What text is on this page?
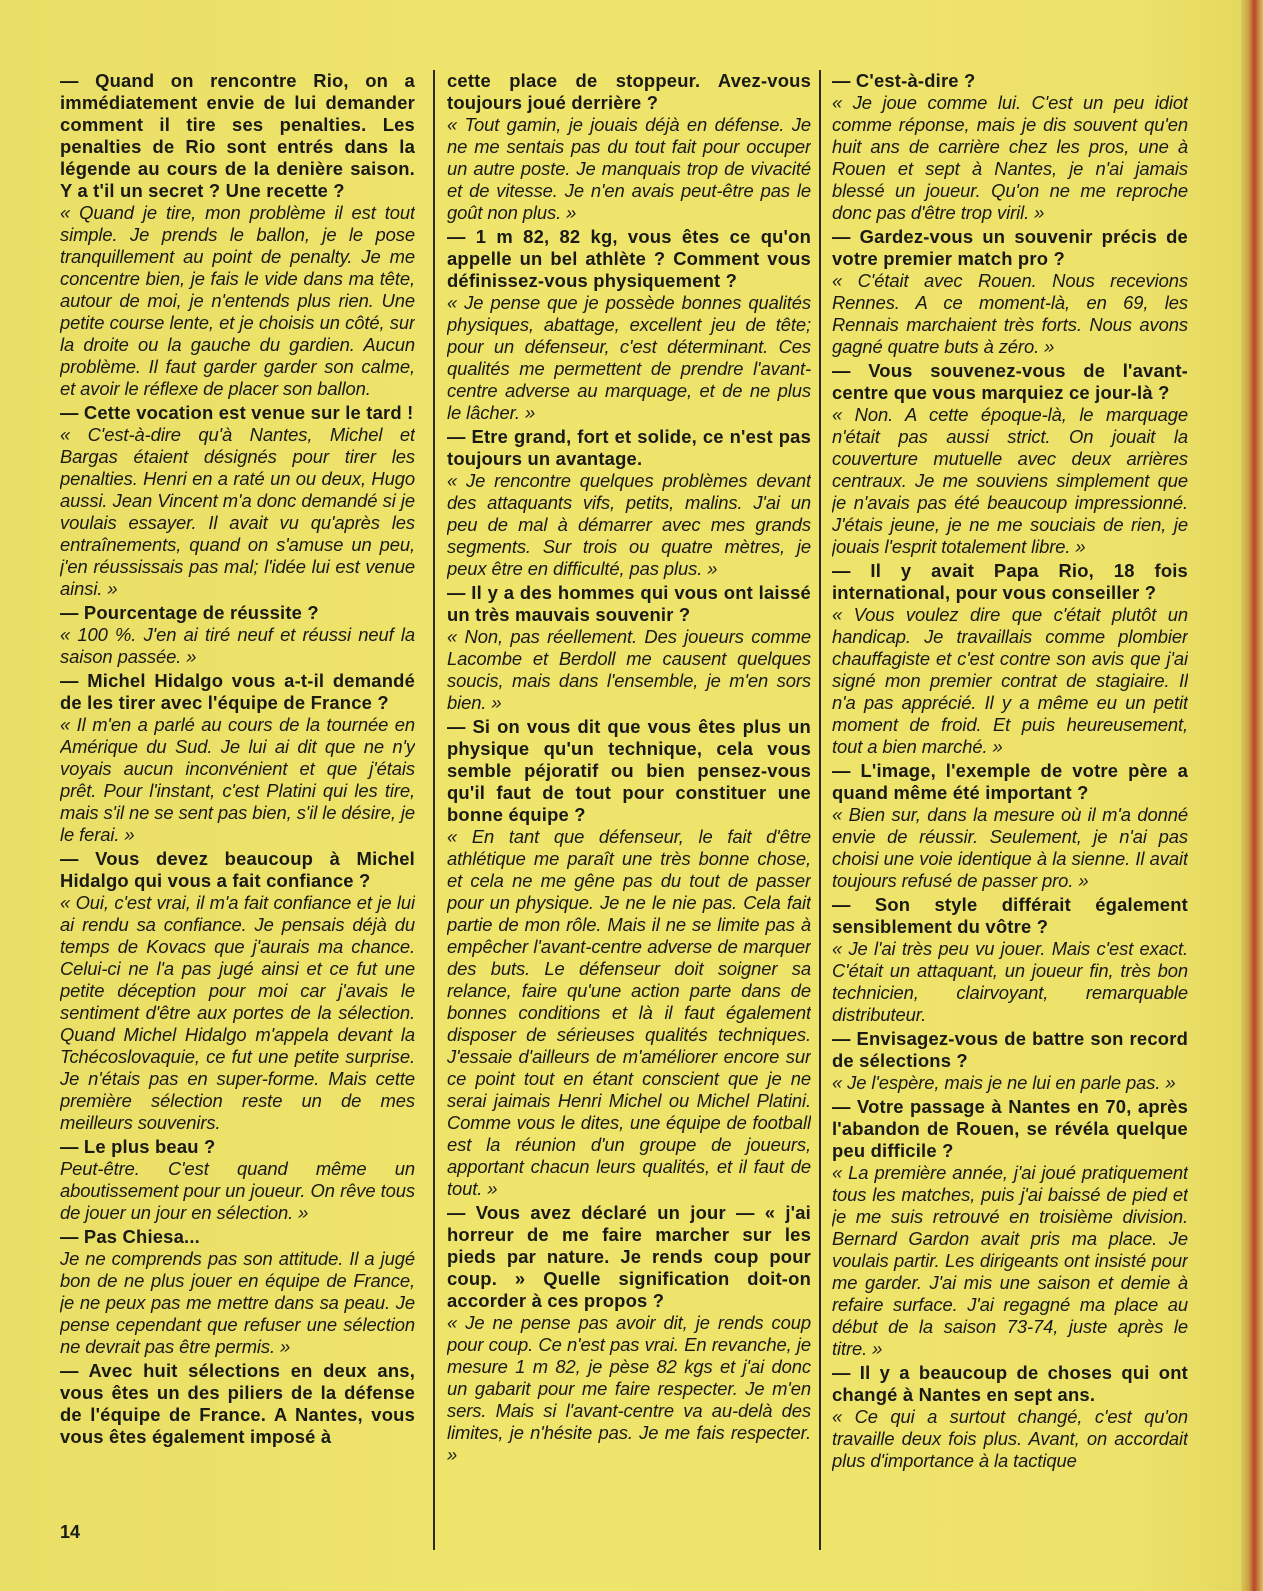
— Quand on rencontre Rio, on a immédiatement envie de lui demander comment il tire ses penalties. Les penalties de Rio sont entrés dans la légende au cours de la denière saison. Y a t'il un secret ? Une recette ?

« Quand je tire, mon problème il est tout simple. Je prends le ballon, je le pose tranquillement au point de penalty. Je me concentre bien, je fais le vide dans ma tête, autour de moi, je n'entends plus rien. Une petite course lente, et je choisis un côté, sur la droite ou la gauche du gardien. Aucun problème. Il faut garder garder son calme, et avoir le réflexe de placer son ballon.

— Cette vocation est venue sur le tard !

« C'est-à-dire qu'à Nantes, Michel et Bargas étaient désignés pour tirer les penalties. Henri en a raté un ou deux, Hugo aussi. Jean Vincent m'a donc demandé si je voulais essayer. Il avait vu qu'après les entraînements, quand on s'amuse un peu, j'en réussissais pas mal; l'idée lui est venue ainsi. »

— Pourcentage de réussite ?

« 100 %. J'en ai tiré neuf et réussi neuf la saison passée. »

— Michel Hidalgo vous a-t-il demandé de les tirer avec l'équipe de France ?

« Il m'en a parlé au cours de la tournée en Amérique du Sud. Je lui ai dit que ne n'y voyais aucun inconvénient et que j'étais prêt. Pour l'instant, c'est Platini qui les tire, mais s'il ne se sent pas bien, s'il le désire, je le ferai. »

— Vous devez beaucoup à Michel Hidalgo qui vous a fait confiance ?

« Oui, c'est vrai, il m'a fait confiance et je lui ai rendu sa confiance. Je pensais déjà du temps de Kovacs que j'aurais ma chance. Celui-ci ne l'a pas jugé ainsi et ce fut une petite déception pour moi car j'avais le sentiment d'être aux portes de la sélection. Quand Michel Hidalgo m'appela devant la Tchécoslovaquie, ce fut une petite surprise. Je n'étais pas en super-forme. Mais cette première sélection reste un de mes meilleurs souvenirs.

— Le plus beau ?

Peut-être. C'est quand même un aboutissement pour un joueur. On rêve tous de jouer un jour en sélection. »

— Pas Chiesa...

Je ne comprends pas son attitude. Il a jugé bon de ne plus jouer en équipe de France, je ne peux pas me mettre dans sa peau. Je pense cependant que refuser une sélection ne devrait pas être permis. »

— Avec huit sélections en deux ans, vous êtes un des piliers de la défense de l'équipe de France. A Nantes, vous vous êtes également imposé à

cette place de stoppeur. Avez-vous toujours joué derrière ?

« Tout gamin, je jouais déjà en défense. Je ne me sentais pas du tout fait pour occuper un autre poste. Je manquais trop de vivacité et de vitesse. Je n'en avais peut-être pas le goût non plus. »

— 1 m 82, 82 kg, vous êtes ce qu'on appelle un bel athlète ? Comment vous définissez-vous physiquement ?

« Je pense que je possède bonnes qualités physiques, abattage, excellent jeu de tête; pour un défenseur, c'est déterminant. Ces qualités me permettent de prendre l'avant-centre adverse au marquage, et de ne plus le lâcher. »

— Etre grand, fort et solide, ce n'est pas toujours un avantage.

« Je rencontre quelques problèmes devant des attaquants vifs, petits, malins. J'ai un peu de mal à démarrer avec mes grands segments. Sur trois ou quatre mètres, je peux être en difficulté, pas plus. »

— Il y a des hommes qui vous ont laissé un très mauvais souvenir ?

« Non, pas réellement. Des joueurs comme Lacombe et Berdoll me causent quelques soucis, mais dans l'ensemble, je m'en sors bien. »

— Si on vous dit que vous êtes plus un physique qu'un technique, cela vous semble péjoratif ou bien pensez-vous qu'il faut de tout pour constituer une bonne équipe ?

« En tant que défenseur, le fait d'être athlétique me paraît une très bonne chose, et cela ne me gêne pas du tout de passer pour un physique. Je ne le nie pas. Cela fait partie de mon rôle. Mais il ne se limite pas à empêcher l'avant-centre adverse de marquer des buts. Le défenseur doit soigner sa relance, faire qu'une action parte dans de bonnes conditions et là il faut également disposer de sérieuses qualités techniques. J'essaie d'ailleurs de m'améliorer encore sur ce point tout en étant conscient que je ne serai jaimais Henri Michel ou Michel Platini. Comme vous le dites, une équipe de football est la réunion d'un groupe de joueurs, apportant chacun leurs qualités, et il faut de tout. »

— Vous avez déclaré un jour — « j'ai horreur de me faire marcher sur les pieds par nature. Je rends coup pour coup. » Quelle signification doit-on accorder à ces propos ?

« Je ne pense pas avoir dit, je rends coup pour coup. Ce n'est pas vrai. En revanche, je mesure 1 m 82, je pèse 82 kgs et j'ai donc un gabarit pour me faire respecter. Je m'en sers. Mais si l'avant-centre va au-delà des limites, je n'hésite pas. Je me fais respecter. »

— C'est-à-dire ?

« Je joue comme lui. C'est un peu idiot comme réponse, mais je dis souvent qu'en huit ans de carrière chez les pros, une à Rouen et sept à Nantes, je n'ai jamais blessé un joueur. Qu'on ne me reproche donc pas d'être trop viril. »

— Gardez-vous un souvenir précis de votre premier match pro ?

« C'était avec Rouen. Nous recevions Rennes. A ce moment-là, en 69, les Rennais marchaient très forts. Nous avons gagné quatre buts à zéro. »

— Vous souvenez-vous de l'avant-centre que vous marquiez ce jour-là ?

« Non. A cette époque-là, le marquage n'était pas aussi strict. On jouait la couverture mutuelle avec deux arrières centraux. Je me souviens simplement que je n'avais pas été beaucoup impressionné. J'étais jeune, je ne me souciais de rien, je jouais l'esprit totalement libre. »

— Il y avait Papa Rio, 18 fois international, pour vous conseiller ?

« Vous voulez dire que c'était plutôt un handicap. Je travaillais comme plombier chauffagiste et c'est contre son avis que j'ai signé mon premier contrat de stagiaire. Il n'a pas apprécié. Il y a même eu un petit moment de froid. Et puis heureusement, tout a bien marché. »

— L'image, l'exemple de votre père a quand même été important ?

« Bien sur, dans la mesure où il m'a donné envie de réussir. Seulement, je n'ai pas choisi une voie identique à la sienne. Il avait toujours refusé de passer pro. »

— Son style différait également sensiblement du vôtre ?

« Je l'ai très peu vu jouer. Mais c'est exact. C'était un attaquant, un joueur fin, très bon technicien, clairvoyant, remarquable distributeur.

— Envisagez-vous de battre son record de sélections ?

« Je l'espère, mais je ne lui en parle pas. »

— Votre passage à Nantes en 70, après l'abandon de Rouen, se révéla quelque peu difficile ?

« La première année, j'ai joué pratiquement tous les matches, puis j'ai baissé de pied et je me suis retrouvé en troisième division. Bernard Gardon avait pris ma place. Je voulais partir. Les dirigeants ont insisté pour me garder. J'ai mis une saison et demie à refaire surface. J'ai regagné ma place au début de la saison 73-74, juste après le titre. »

— Il y a beaucoup de choses qui ont changé à Nantes en sept ans.

« Ce qui a surtout changé, c'est qu'on travaille deux fois plus. Avant, on accordait plus d'importance à la tactique

14
